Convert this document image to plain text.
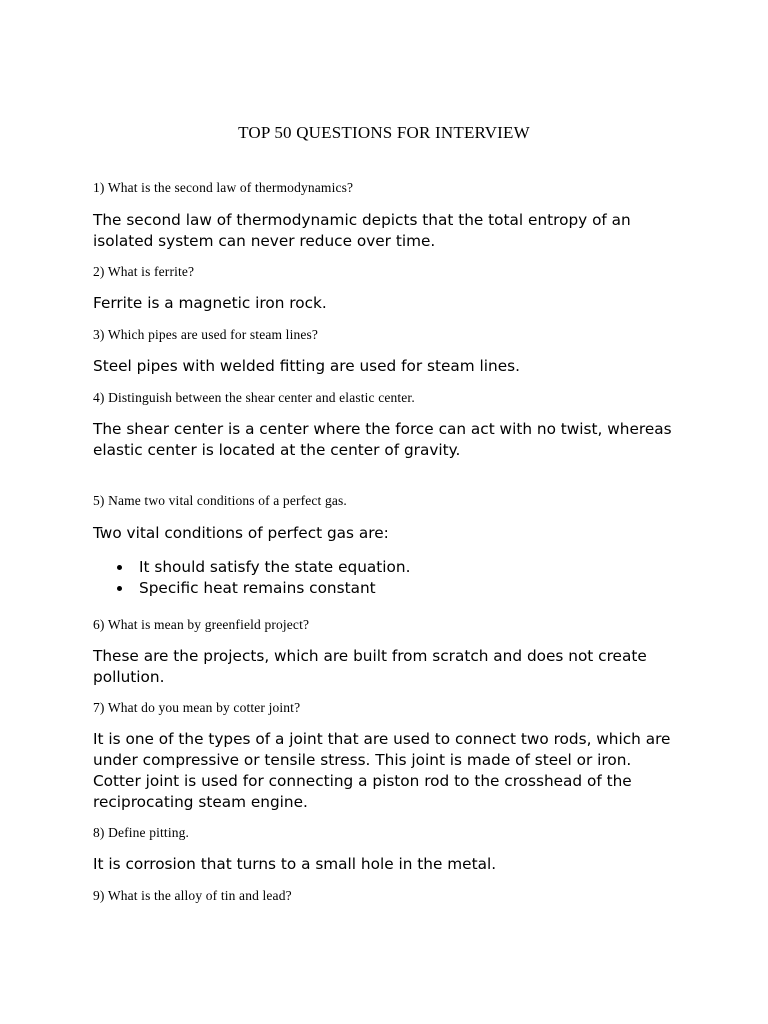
TOP 50 QUESTIONS FOR INTERVIEW

1) What is the second law of thermodynamics?

The second law of thermodynamic depicts that the total entropy of an isolated system can never reduce over time.

2) What is ferrite?

Ferrite is a magnetic iron rock.

3) Which pipes are used for steam lines?

Steel pipes with welded fitting are used for steam lines.

4) Distinguish between the shear center and elastic center.

The shear center is a center where the force can act with no twist, whereas elastic center is located at the center of gravity.

5) Name two vital conditions of a perfect gas.

Two vital conditions of perfect gas are:

It should satisfy the state equation.
Specific heat remains constant

6) What is mean by greenfield project?

These are the projects, which are built from scratch and does not create pollution.

7) What do you mean by cotter joint?

It is one of the types of a joint that are used to connect two rods, which are under compressive or tensile stress. This joint is made of steel or iron. Cotter joint is used for connecting a piston rod to the crosshead of the reciprocating steam engine.

8) Define pitting.

It is corrosion that turns to a small hole in the metal.

9) What is the alloy of tin and lead?
